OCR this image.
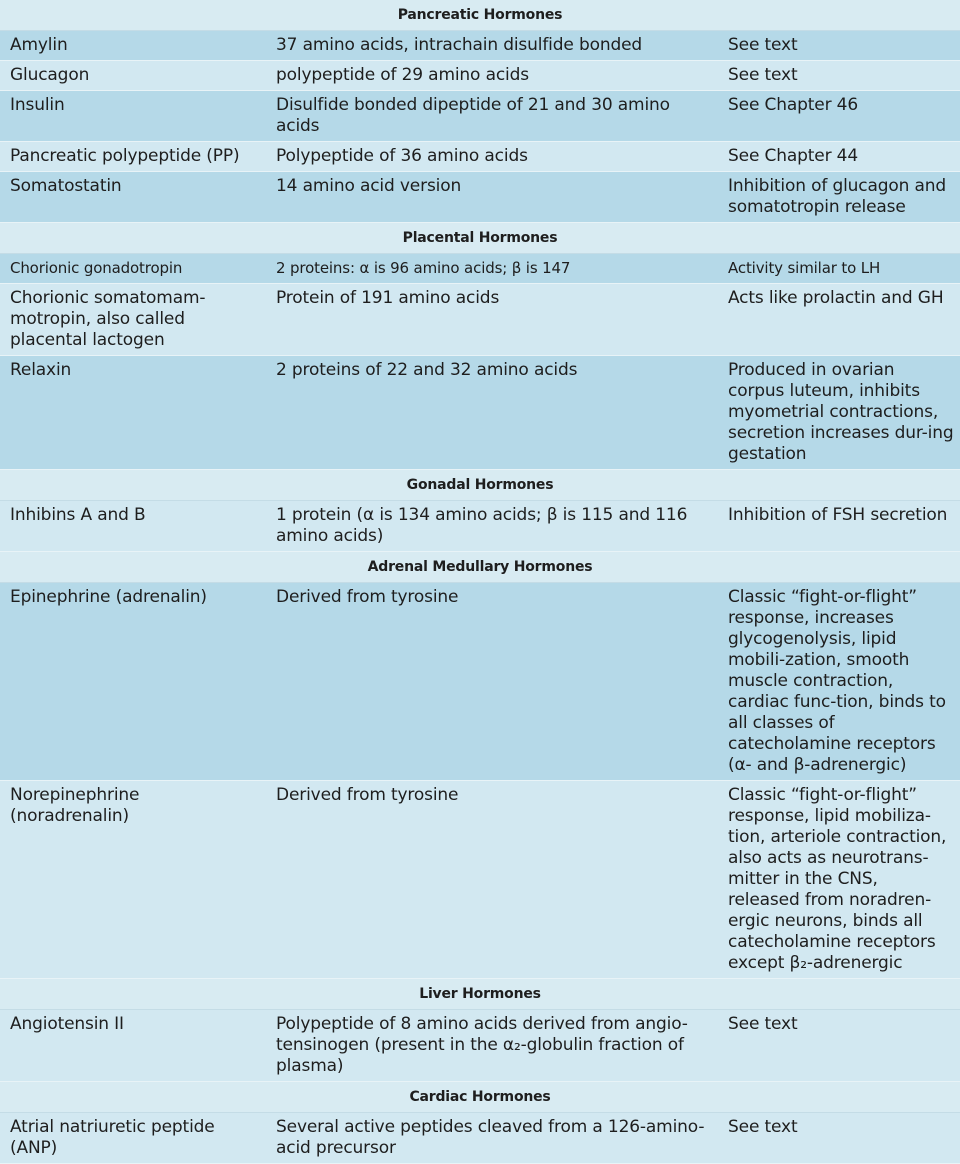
Pancreatic Hormones		
Amylin	37 amino acids, intrachain disulfide bonded	See text
Glucagon	polypeptide of 29 amino acids	See text
Insulin	Disulfide bonded dipeptide of 21 and 30 amino acids	See Chapter 46
Pancreatic polypeptide (PP)	Polypeptide of 36 amino acids	See Chapter 44
Somatostatin	14 amino acid version	Inhibition of glucagon and somatotropin release
Placental Hormones		
Chorionic gonadotropin	2 proteins: α is 96 amino acids; β is 147	Activity similar to LH
Chorionic somatomam-motropin, also called placental lactogen	Protein of 191 amino acids	Acts like prolactin and GH
Relaxin	2 proteins of 22 and 32 amino acids	Produced in ovarian corpus luteum, inhibits myometrial contractions, secretion increases dur-ing gestation
Gonadal Hormones		
Inhibins A and B	1 protein (α is 134 amino acids; β is 115 and 116 amino acids)	Inhibition of FSH secretion
Adrenal Medullary Hormones		
Epinephrine (adrenalin)	Derived from tyrosine	Classic “fight-or-flight” response, increases glycogenolysis, lipid mobili-zation, smooth muscle contraction, cardiac func-tion, binds to all classes of catecholamine receptors (α- and β-adrenergic)
Norepinephrine (noradrenalin)	Derived from tyrosine	Classic “fight-or-flight” response, lipid mobiliza-tion, arteriole contraction, also acts as neurotrans-mitter in the CNS, released from noradren-ergic neurons, binds all catecholamine receptors except β₂-adrenergic
Liver Hormones		
Angiotensin II	Polypeptide of 8 amino acids derived from angio-tensinogen (present in the α₂-globulin fraction of plasma)	See text
Cardiac Hormones		
Atrial natriuretic peptide (ANP)	Several active peptides cleaved from a 126-amino-acid precursor	See text
